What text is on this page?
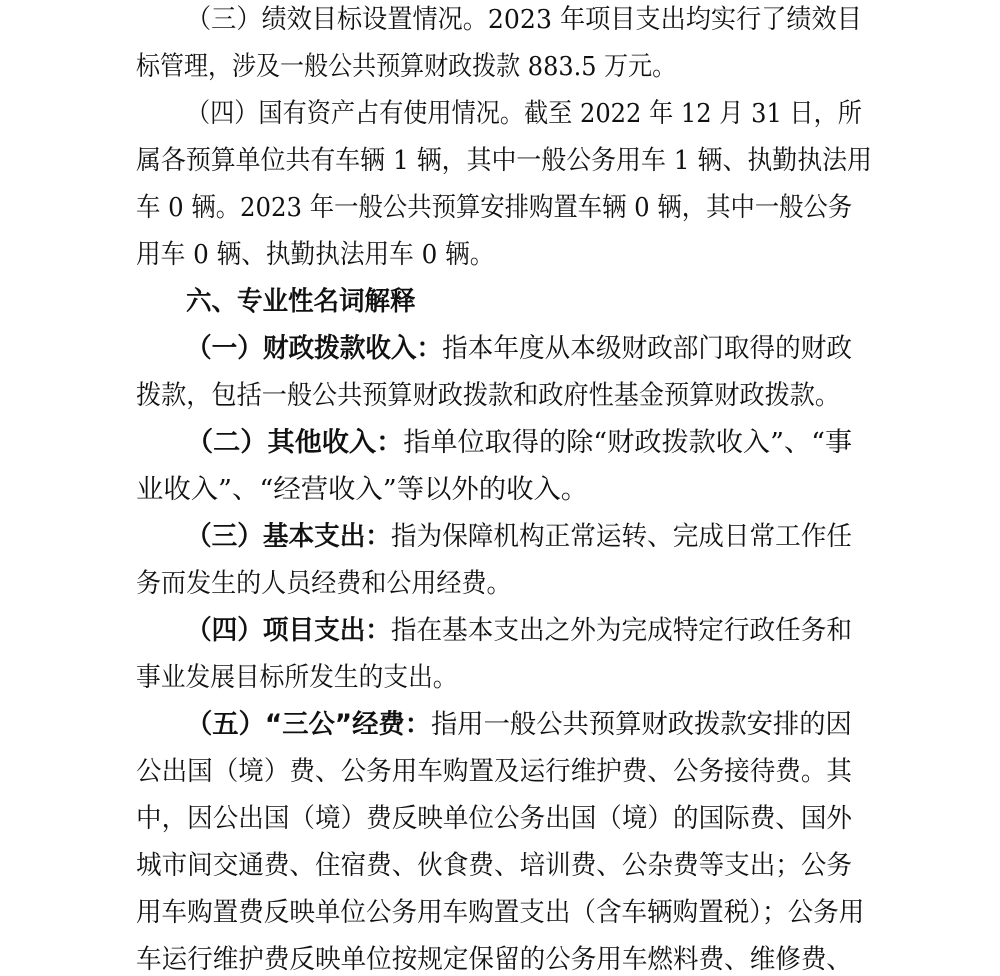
（三）绩效目标设置情况。2023 年项目支出均实行了绩效目
标管理，涉及一般公共预算财政拨款 883.5 万元。
（四）国有资产占有使用情况。截至 2022 年 12 月 31 日，所
属各预算单位共有车辆 1 辆，其中一般公务用车 1 辆、执勤执法用
车 0 辆。2023 年一般公共预算安排购置车辆 0 辆，其中一般公务
用车 0 辆、执勤执法用车 0 辆。
六、专业性名词解释
（一）财政拨款收入：指本年度从本级财政部门取得的财政
拨款，包括一般公共预算财政拨款和政府性基金预算财政拨款。
（二）其他收入：指单位取得的除“财政拨款收入”、“事
业收入”、“经营收入”等以外的收入。
（三）基本支出：指为保障机构正常运转、完成日常工作任
务而发生的人员经费和公用经费。
（四）项目支出：指在基本支出之外为完成特定行政任务和
事业发展目标所发生的支出。
（五）“三公”经费：指用一般公共预算财政拨款安排的因
公出国（境）费、公务用车购置及运行维护费、公务接待费。其
中，因公出国（境）费反映单位公务出国（境）的国际费、国外
城市间交通费、住宿费、伙食费、培训费、公杂费等支出；公务
用车购置费反映单位公务用车购置支出（含车辆购置税）；公务用
车运行维护费反映单位按规定保留的公务用车燃料费、维修费、
